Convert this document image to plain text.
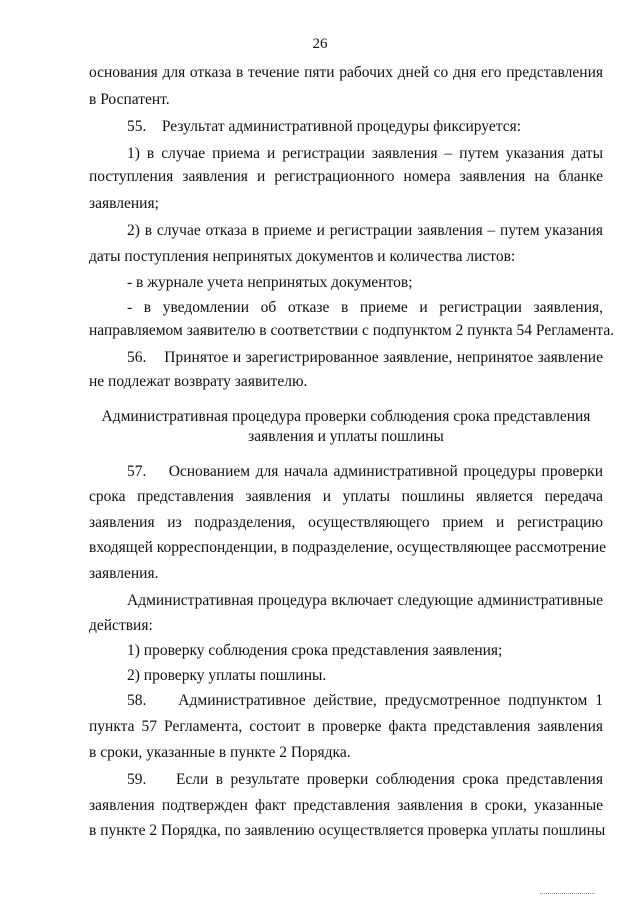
26
основания для отказа в течение пяти рабочих дней со дня его представления
в Роспатент.
55.    Результат административной процедуры фиксируется:
1) в случае приема и регистрации заявления – путем указания даты
поступления заявления и регистрационного номера заявления на бланке
заявления;
2) в случае отказа в приеме и регистрации заявления – путем указания
даты поступления непринятых документов и количества листов:
- в журнале учета непринятых документов;
- в уведомлении об отказе в приеме и регистрации заявления,
направляемом заявителю в соответствии с подпунктом 2 пункта 54 Регламента.
56.    Принятое и зарегистрированное заявление, непринятое заявление
не подлежат возврату заявителю.
Административная процедура проверки соблюдения срока представления
заявления и уплаты пошлины
57.    Основанием для начала административной процедуры проверки
срока представления заявления и уплаты пошлины является передача
заявления из подразделения, осуществляющего прием и регистрацию
входящей корреспонденции, в подразделение, осуществляющее рассмотрение
заявления.
Административная процедура включает следующие административные
действия:
1) проверку соблюдения срока представления заявления;
2) проверку уплаты пошлины.
58.    Административное действие, предусмотренное подпунктом 1
пункта 57 Регламента, состоит в проверке факта представления заявления
в сроки, указанные в пункте 2 Порядка.
59.    Если в результате проверки соблюдения срока представления
заявления подтвержден факт представления заявления в сроки, указанные
в пункте 2 Порядка, по заявлению осуществляется проверка уплаты пошлины
